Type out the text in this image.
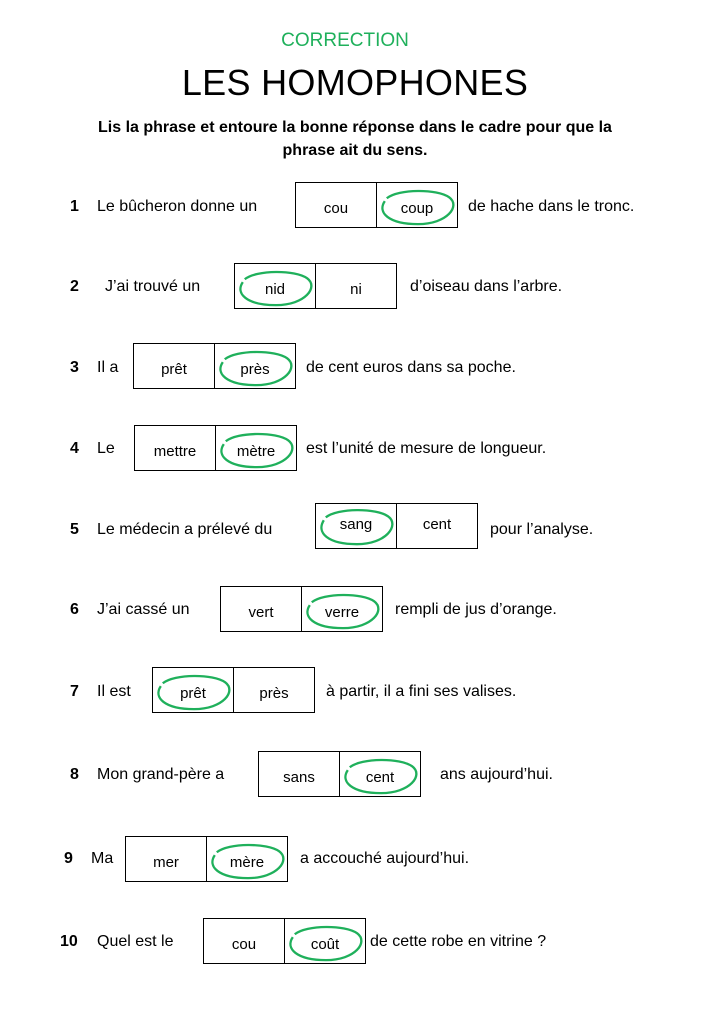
CORRECTION
LES HOMOPHONES
Lis la phrase et entoure la bonne réponse dans le cadre pour que la phrase ait du sens.
1 Le bûcheron donne un	cou	coup de hache dans le tronc.
2 J’ai trouvé un	nid	ni	d’oiseau dans l’arbre.
3 Il a	prêt	près de cent euros dans sa poche.
4 Le	mettre	mètre est l’unité de mesure de longueur.
5 Le médecin a prélevé du	sang	cent pour l’analyse.
6 J’ai cassé un	vert	verre rempli de jus d’orange.
7 Il est	prêt	près à partir, il a fini ses valises.
8 Mon grand-père a	sans	cent	ans aujourd’hui.
9 Ma	mer	mère a accouché aujourd’hui.
10 Quel est le	cou	coût de cette robe en vitrine ?
